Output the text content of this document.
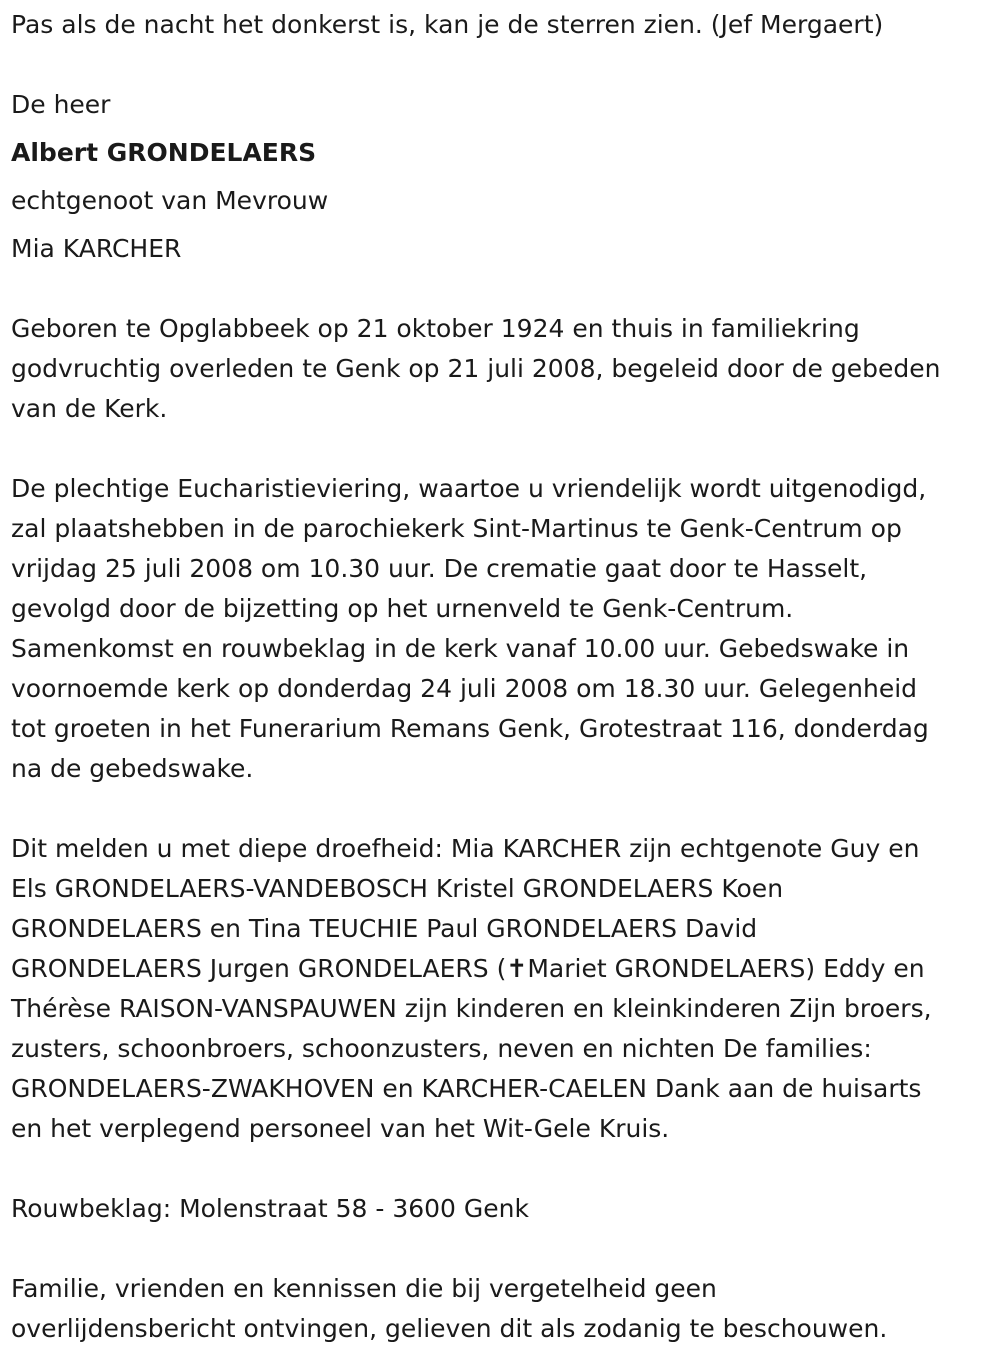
Pas als de nacht het donkerst is, kan je de sterren zien. (Jef Mergaert)

De heer

Albert GRONDELAERS

echtgenoot van Mevrouw

Mia KARCHER

Geboren te Opglabbeek op 21 oktober 1924 en thuis in familiekring
godvruchtig overleden te Genk op 21 juli 2008, begeleid door de gebeden
van de Kerk.
De plechtige Eucharistieviering, waartoe u vriendelijk wordt uitgenodigd,
zal plaatshebben in de parochiekerk Sint-Martinus te Genk-Centrum op
vrijdag 25 juli 2008 om 10.30 uur. De crematie gaat door te Hasselt,
gevolgd door de bijzetting op het urnenveld te Genk-Centrum.
Samenkomst en rouwbeklag in de kerk vanaf 10.00 uur. Gebedswake in
voornoemde kerk op donderdag 24 juli 2008 om 18.30 uur. Gelegenheid
tot groeten in het Funerarium Remans Genk, Grotestraat 116, donderdag
na de gebedswake.
Dit melden u met diepe droefheid: Mia KARCHER zijn echtgenote Guy en
Els GRONDELAERS-VANDEBOSCH Kristel GRONDELAERS Koen
GRONDELAERS en Tina TEUCHIE Paul GRONDELAERS David
GRONDELAERS Jurgen GRONDELAERS (✝Mariet GRONDELAERS) Eddy en
Thérèse RAISON-VANSPAUWEN zijn kinderen en kleinkinderen Zijn broers,
zusters, schoonbroers, schoonzusters, neven en nichten De families:
GRONDELAERS-ZWAKHOVEN en KARCHER-CAELEN Dank aan de huisarts
en het verplegend personeel van het Wit-Gele Kruis.

Rouwbeklag: Molenstraat 58 - 3600 Genk

Familie, vrienden en kennissen die bij vergetelheid geen
overlijdensbericht ontvingen, gelieven dit als zodanig te beschouwen.
